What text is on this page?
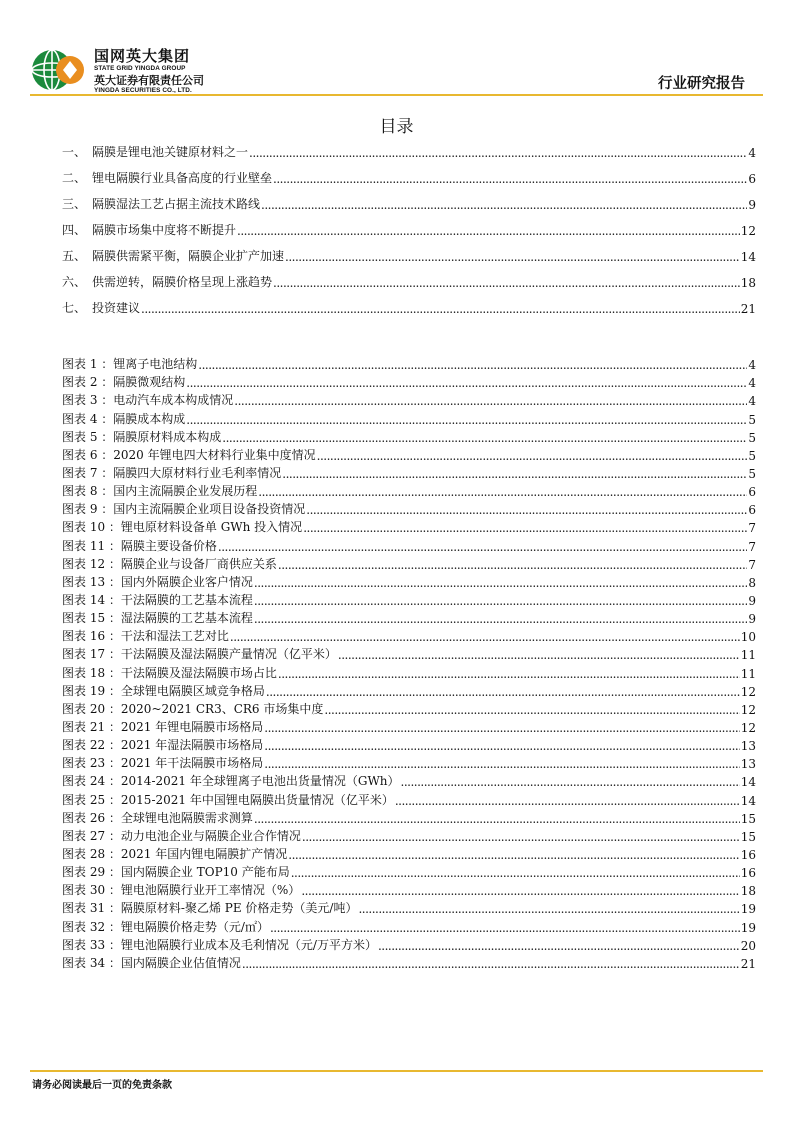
国网英大集团
STATE GRID YINGDA GROUP
英大证券有限责任公司
YINGDA SECURITIES CO., LTD.	行业研究报告
目录
一、 隔膜是锂电池关键原材料之一 .....	4
二、 锂电隔膜行业具备高度的行业壁垒 .....	6
三、 隔膜湿法工艺占据主流技术路线 .....	9
四、 隔膜市场集中度将不断提升 .....	12
五、 隔膜供需紧平衡，隔膜企业扩产加速 .....	14
六、 供需逆转，隔膜价格呈现上涨趋势 .....	18
七、 投资建议 .....	21
图表 1 ： 锂离子电池结构 .....	4
图表 2 ： 隔膜微观结构 .....	4
图表 3 ： 电动汽车成本构成情况 .....	4
图表 4 ： 隔膜成本构成 .....	5
图表 5 ： 隔膜原材料成本构成 .....	5
图表 6 ： 2020 年锂电四大材料行业集中度情况 .....	5
图表 7 ： 隔膜四大原材料行业毛利率情况 .....	5
图表 8 ： 国内主流隔膜企业发展历程 .....	6
图表 9 ： 国内主流隔膜企业项目设备投资情况 .....	6
图表 10 ： 锂电原材料设备单 GWh 投入情况 .....	7
图表 11 ： 隔膜主要设备价格 .....	7
图表 12 ： 隔膜企业与设备厂商供应关系 .....	7
图表 13 ： 国内外隔膜企业客户情况 .....	8
图表 14 ： 干法隔膜的工艺基本流程 .....	9
图表 15 ： 湿法隔膜的工艺基本流程 .....	9
图表 16 ： 干法和湿法工艺对比 .....	10
图表 17 ： 干法隔膜及湿法隔膜产量情况（亿平米） .....	11
图表 18 ： 干法隔膜及湿法隔膜市场占比 .....	11
图表 19 ： 全球锂电隔膜区域竞争格局 .....	12
图表 20 ： 2020~2021 CR3、CR6 市场集中度 .....	12
图表 21 ： 2021 年锂电隔膜市场格局 .....	12
图表 22 ： 2021 年湿法隔膜市场格局 .....	13
图表 23 ： 2021 年干法隔膜市场格局 .....	13
图表 24 ： 2014-2021 年全球锂离子电池出货量情况（GWh） .....	14
图表 25 ： 2015-2021 年中国锂电隔膜出货量情况（亿平米） .....	14
图表 26 ： 全球锂电池隔膜需求测算 .....	15
图表 27 ： 动力电池企业与隔膜企业合作情况 .....	15
图表 28 ： 2021 年国内锂电隔膜扩产情况 .....	16
图表 29 ： 国内隔膜企业 TOP10 产能布局 .....	16
图表 30 ： 锂电池隔膜行业开工率情况（%） .....	18
图表 31 ： 隔膜原材料-聚乙烯 PE 价格走势（美元/吨） .....	19
图表 32 ： 锂电隔膜价格走势（元/㎡） .....	19
图表 33 ： 锂电池隔膜行业成本及毛利情况（元/万平方米） .....	20
图表 34 ： 国内隔膜企业估值情况 .....	21
请务必阅读最后一页的免责条款
